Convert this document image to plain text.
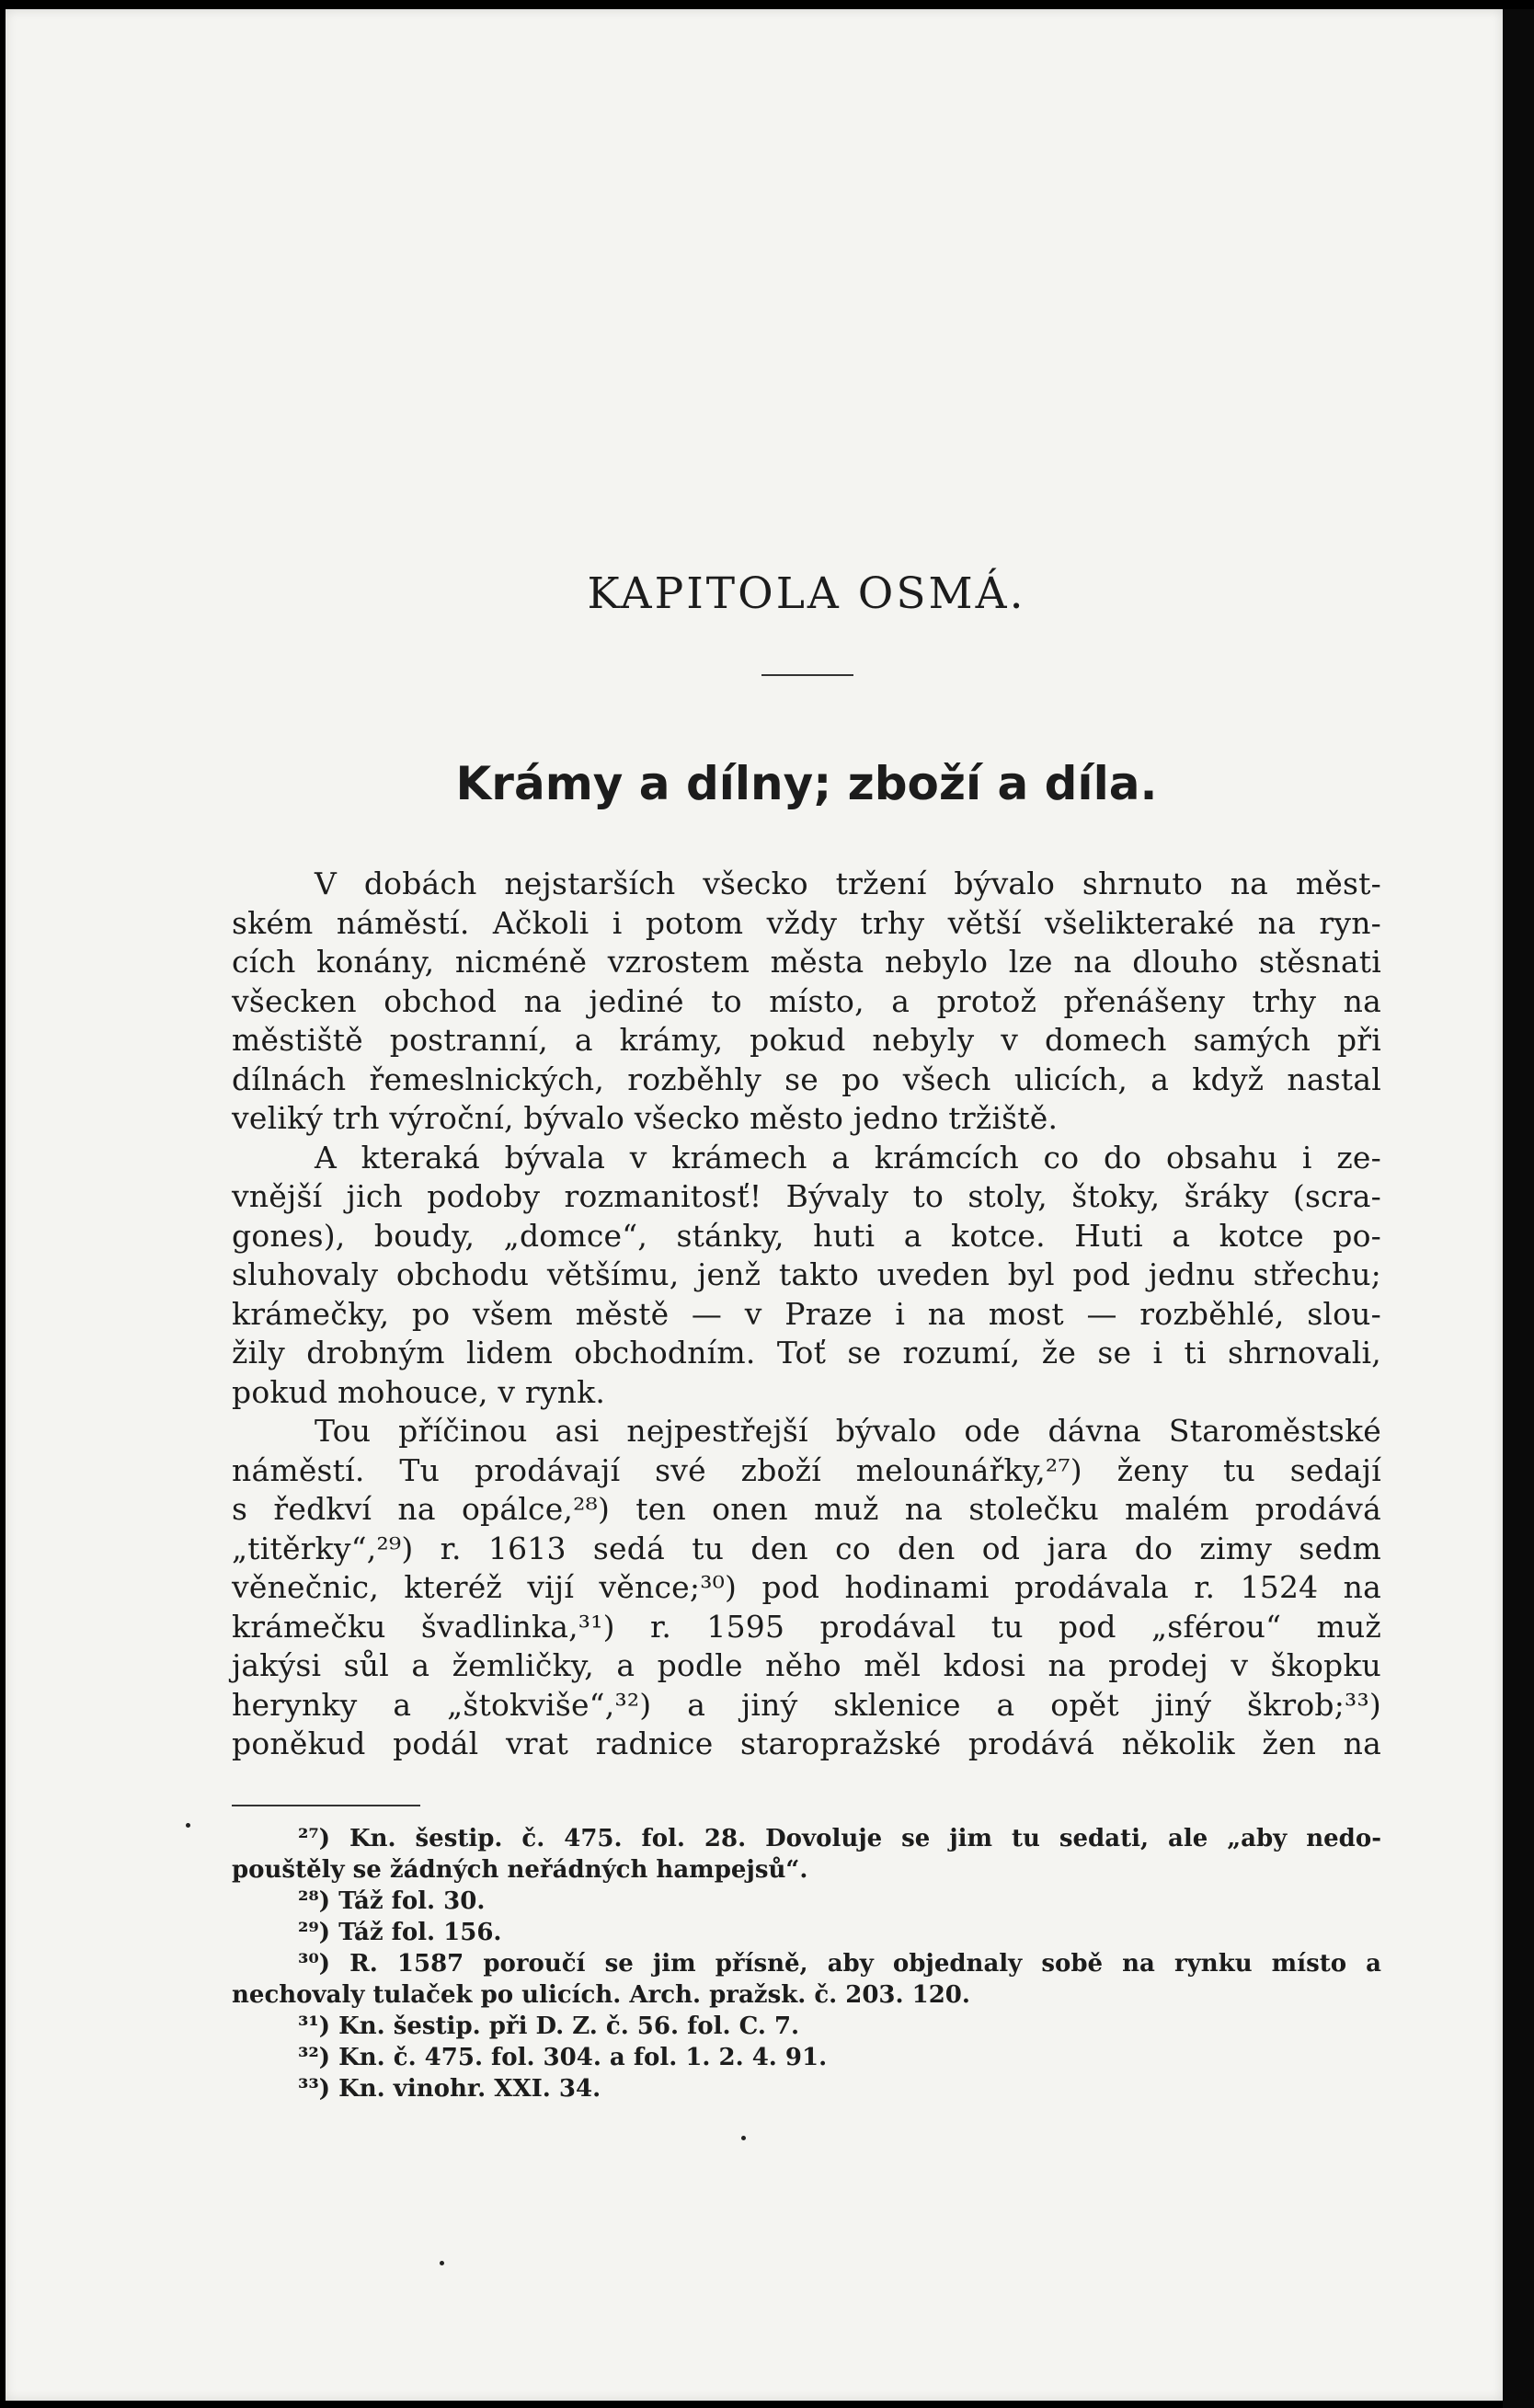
KAPITOLA OSMÁ.
Krámy a dílny; zboží a díla.
V dobách nejstarších všecko tržení bývalo shrnuto na měst-
ském náměstí. Ačkoli i potom vždy trhy větší všelikteraké na ryn-
cích konány, nicméně vzrostem města nebylo lze na dlouho stěsnati
všecken obchod na jediné to místo, a protož přenášeny trhy na
městiště postranní, a krámy, pokud nebyly v domech samých při
dílnách řemeslnických, rozběhly se po všech ulicích, a když nastal
veliký trh výroční, bývalo všecko město jedno tržiště.
A kteraká bývala v krámech a krámcích co do obsahu i ze-
vnější jich podoby rozmanitosť! Bývaly to stoly, štoky, šráky (scra-
gones), boudy, „domce“, stánky, huti a kotce. Huti a kotce po-
sluhovaly obchodu většímu, jenž takto uveden byl pod jednu střechu;
krámečky, po všem městě — v Praze i na most — rozběhlé, slou-
žily drobným lidem obchodním. Toť se rozumí, že se i ti shrnovali,
pokud mohouce, v rynk.
Tou příčinou asi nejpestřejší bývalo ode dávna Staroměstské
náměstí. Tu prodávají své zboží melounářky,²⁷) ženy tu sedají
s ředkví na opálce,²⁸) ten onen muž na stolečku malém prodává
„titěrky“,²⁹) r. 1613 sedá tu den co den od jara do zimy sedm
věnečnic, kteréž vijí věnce;³⁰) pod hodinami prodávala r. 1524 na
krámečku švadlinka,³¹) r. 1595 prodával tu pod „sférou“ muž
jakýsi sůl a žemličky, a podle něho měl kdosi na prodej v škopku
herynky a „štokviše“,³²) a jiný sklenice a opět jiný škrob;³³)
poněkud podál vrat radnice staropražské prodává několik žen na
²⁷) Kn. šestip. č. 475. fol. 28. Dovoluje se jim tu sedati, ale „aby nedo-
pouštěly se žádných neřádných hampejsů“.
²⁸) Táž fol. 30.
²⁹) Táž fol. 156.
³⁰) R. 1587 poroučí se jim přísně, aby objednaly sobě na rynku místo a
nechovaly tulaček po ulicích. Arch. pražsk. č. 203. 120.
³¹) Kn. šestip. při D. Z. č. 56. fol. C. 7.
³²) Kn. č. 475. fol. 304. a fol. 1. 2. 4. 91.
³³) Kn. vinohr. XXI. 34.
